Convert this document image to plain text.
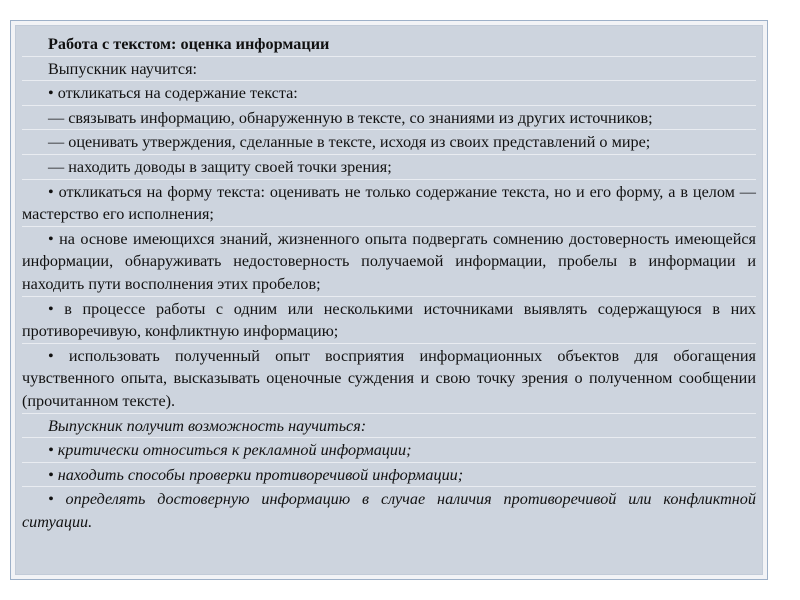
Работа с текстом: оценка информации
Выпускник научится:
• откликаться на содержание текста:
— связывать информацию, обнаруженную в тексте, со знаниями из других источников;
— оценивать утверждения, сделанные в тексте, исходя из своих представлений о мире;
— находить доводы в защиту своей точки зрения;
• откликаться на форму текста: оценивать не только содержание текста, но и его форму, а в целом — мастерство его исполнения;
• на основе имеющихся знаний, жизненного опыта подвергать сомнению достоверность имеющейся информации, обнаруживать недостоверность получаемой информации, пробелы в информации и находить пути восполнения этих пробелов;
• в процессе работы с одним или несколькими источниками выявлять содержащуюся в них противоречивую, конфликтную информацию;
• использовать полученный опыт восприятия информационных объектов для обогащения чувственного опыта, высказывать оценочные суждения и свою точку зрения о полученном сообщении (прочитанном тексте).
Выпускник получит возможность научиться:
• критически относиться к рекламной информации;
• находить способы проверки противоречивой информации;
• определять достоверную информацию в случае наличия противоречивой или конфликтной ситуации.
